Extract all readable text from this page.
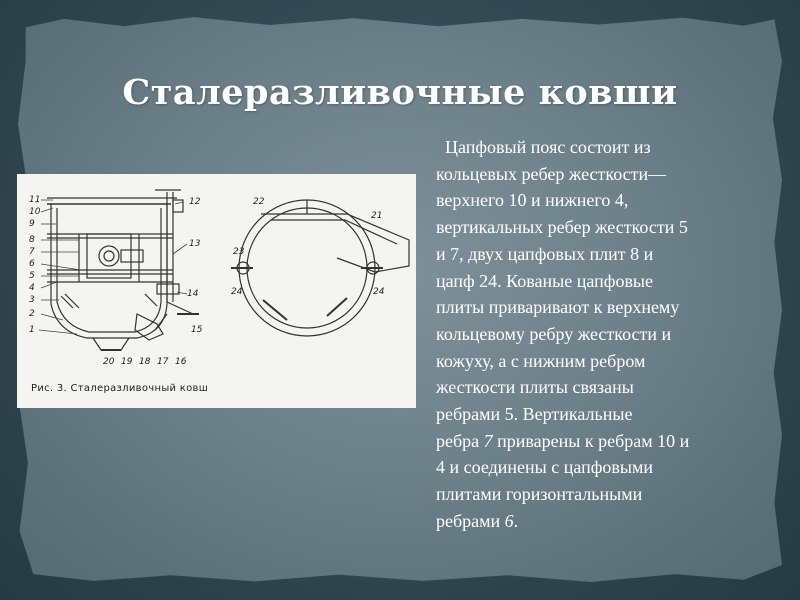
Сталеразливочные ковши
11
10
9
8
7
6
5
4
3
2
1
12
13
14
15
20 19 18 17 16
22
21
23
24	24
Рис. 3. Сталеразливочный ковш
Цапфовый пояс состоит из
кольцевых ребер жесткости—
верхнего 10 и нижнего 4,
вертикальных ребер жесткости 5
и 7, двух цапфовых плит 8 и
цапф 24. Кованые цапфовые
плиты приваривают к верхнему
кольцевому ребру жесткости и
кожуху, а с нижним ребром
жесткости плиты связаны
ребрами 5. Вертикальные
ребра 7 приварены к ребрам 10 и
4 и соединены с цапфовыми
плитами горизонтальными
ребрами 6.
